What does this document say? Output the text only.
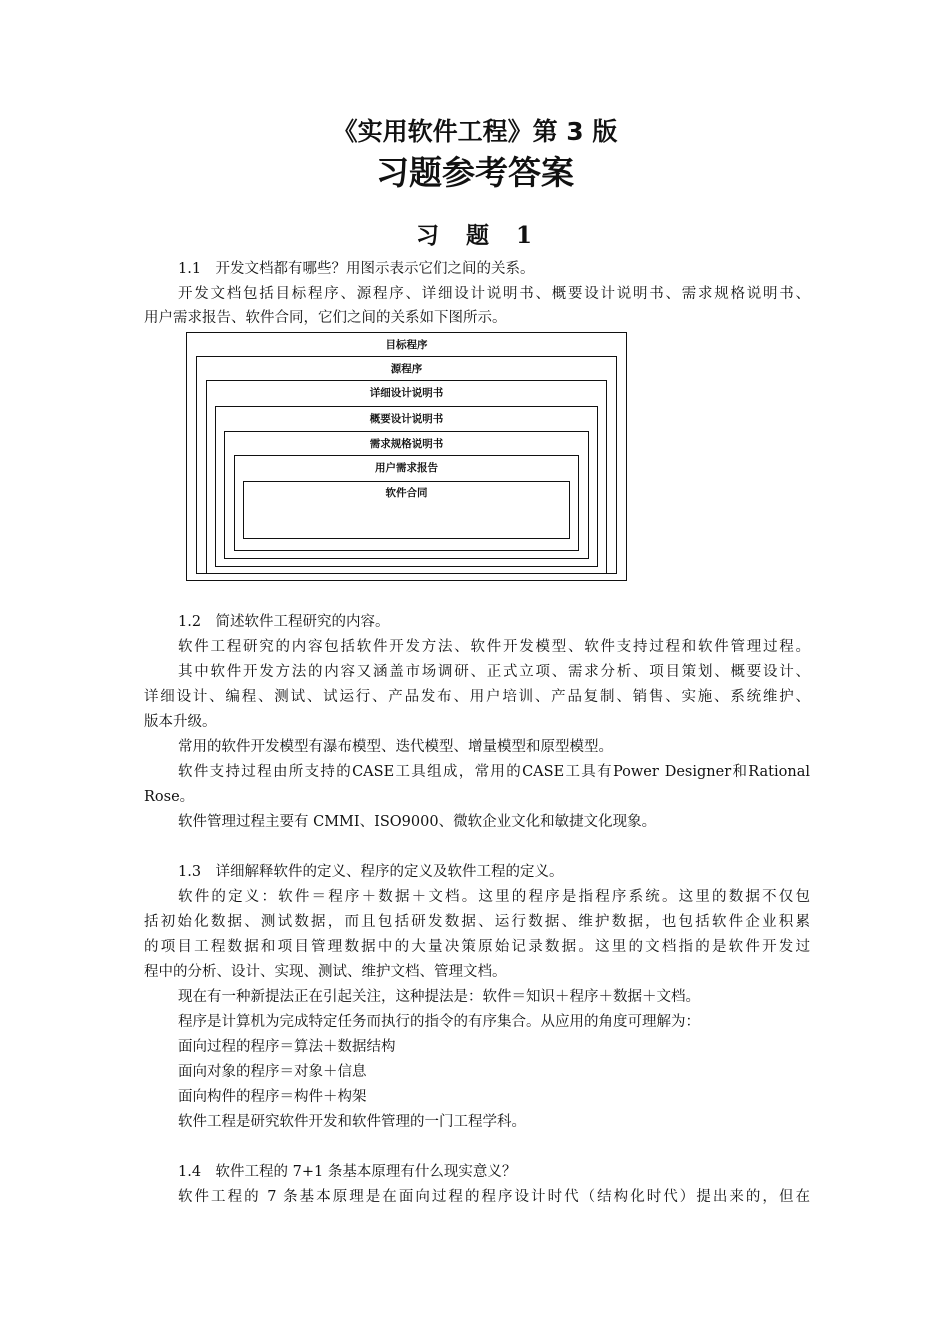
《实用软件工程》第 3 版
习题参考答案
习　题　1
1.1　开发文档都有哪些？用图示表示它们之间的关系。
开发文档包括目标程序、源程序、详细设计说明书、概要设计说明书、需求规格说明书、
用户需求报告、软件合同，它们之间的关系如下图所示。
目标程序
源程序
详细设计说明书
概要设计说明书
需求规格说明书
用户需求报告
软件合同
1.2　简述软件工程研究的内容。
软件工程研究的内容包括软件开发方法、软件开发模型、软件支持过程和软件管理过程。
其中软件开发方法的内容又涵盖市场调研、正式立项、需求分析、项目策划、概要设计、
详细设计、编程、测试、试运行、产品发布、用户培训、产品复制、销售、实施、系统维护、
版本升级。
常用的软件开发模型有瀑布模型、迭代模型、增量模型和原型模型。
软件支持过程由所支持的CASE工具组成，常用的CASE工具有Power Designer和Rational
Rose。
软件管理过程主要有 CMMI、ISO9000、微软企业文化和敏捷文化现象。
1.3　详细解释软件的定义、程序的定义及软件工程的定义。
软件的定义：软件＝程序＋数据＋文档。这里的程序是指程序系统。这里的数据不仅包
括初始化数据、测试数据，而且包括研发数据、运行数据、维护数据，也包括软件企业积累
的项目工程数据和项目管理数据中的大量决策原始记录数据。这里的文档指的是软件开发过
程中的分析、设计、实现、测试、维护文档、管理文档。
现在有一种新提法正在引起关注，这种提法是：软件＝知识＋程序＋数据＋文档。
程序是计算机为完成特定任务而执行的指令的有序集合。从应用的角度可理解为：
面向过程的程序＝算法＋数据结构
面向对象的程序＝对象＋信息
面向构件的程序＝构件＋构架
软件工程是研究软件开发和软件管理的一门工程学科。
1.4　软件工程的 7+1 条基本原理有什么现实意义？
软件工程的 7 条基本原理是在面向过程的程序设计时代（结构化时代）提出来的，但在
